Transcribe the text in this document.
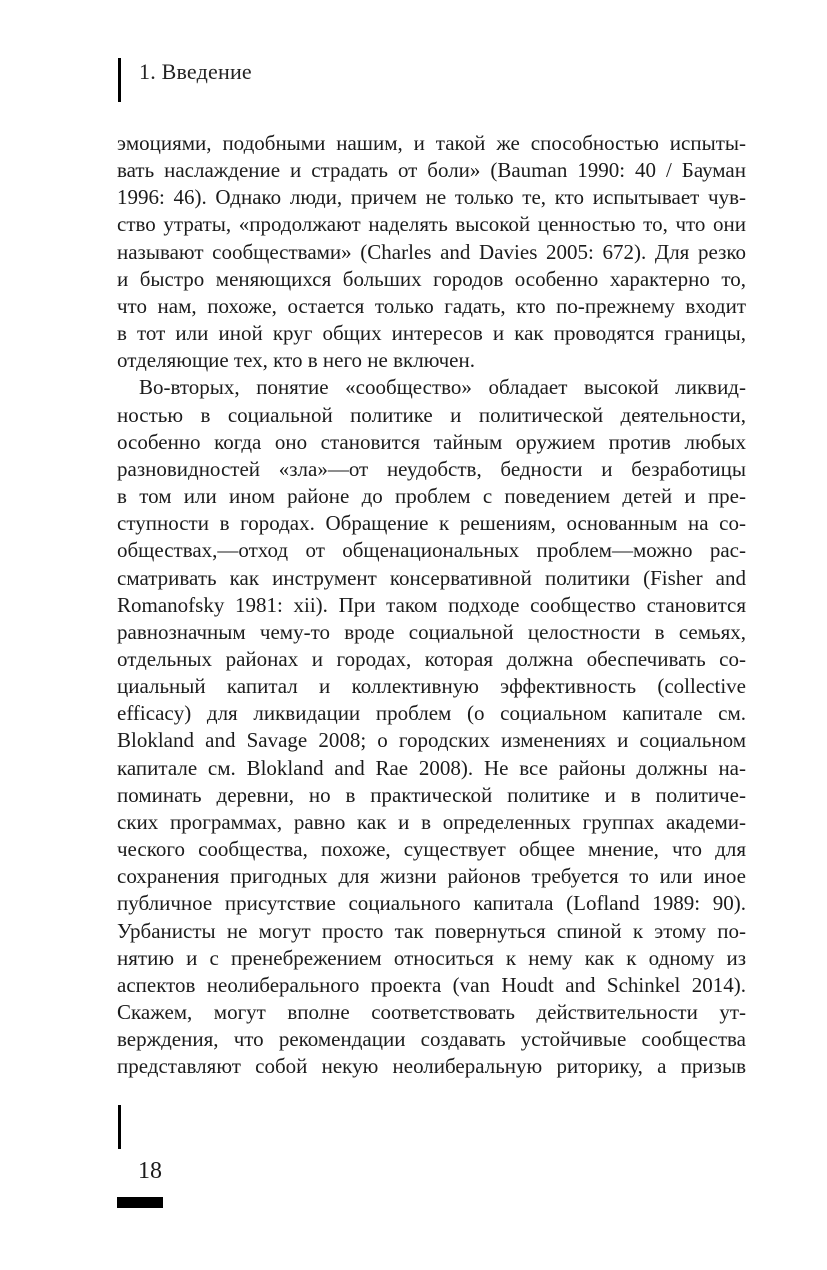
1. Введение
эмоциями, подобными нашим, и такой же способностью испыты-
вать наслаждение и страдать от боли» (Bauman 1990: 40 / Бауман
1996: 46). Однако люди, причем не только те, кто испытывает чув-
ство утраты, «продолжают наделять высокой ценностью то, что они
называют сообществами» (Charles and Davies 2005: 672). Для резко
и быстро меняющихся больших городов особенно характерно то,
что нам, похоже, остается только гадать, кто по-прежнему входит
в тот или иной круг общих интересов и как проводятся границы,
отделяющие тех, кто в него не включен.
Во-вторых, понятие «сообщество» обладает высокой ликвид-
ностью в социальной политике и политической деятельности,
особенно когда оно становится тайным оружием против любых
разновидностей «зла»—от неудобств, бедности и безработицы
в том или ином районе до проблем с поведением детей и пре-
ступности в городах. Обращение к решениям, основанным на со-
обществах,—отход от общенациональных проблем—можно рас-
сматривать как инструмент консервативной политики (Fisher and
Romanofsky 1981: xii). При таком подходе сообщество становится
равнозначным чему-то вроде социальной целостности в семьях,
отдельных районах и городах, которая должна обеспечивать со-
циальный капитал и коллективную эффективность (collective
efficacy) для ликвидации проблем (о социальном капитале см.
Blokland and Savage 2008; о городских изменениях и социальном
капитале см. Blokland and Rae 2008). Не все районы должны на-
поминать деревни, но в практической политике и в политиче-
ских программах, равно как и в определенных группах академи-
ческого сообщества, похоже, существует общее мнение, что для
сохранения пригодных для жизни районов требуется то или иное
публичное присутствие социального капитала (Lofland 1989: 90).
Урбанисты не могут просто так повернуться спиной к этому по-
нятию и с пренебрежением относиться к нему как к одному из
аспектов неолиберального проекта (van Houdt and Schinkel 2014).
Скажем, могут вполне соответствовать действительности ут-
верждения, что рекомендации создавать устойчивые сообщества
представляют собой некую неолиберальную риторику, а призыв
18
